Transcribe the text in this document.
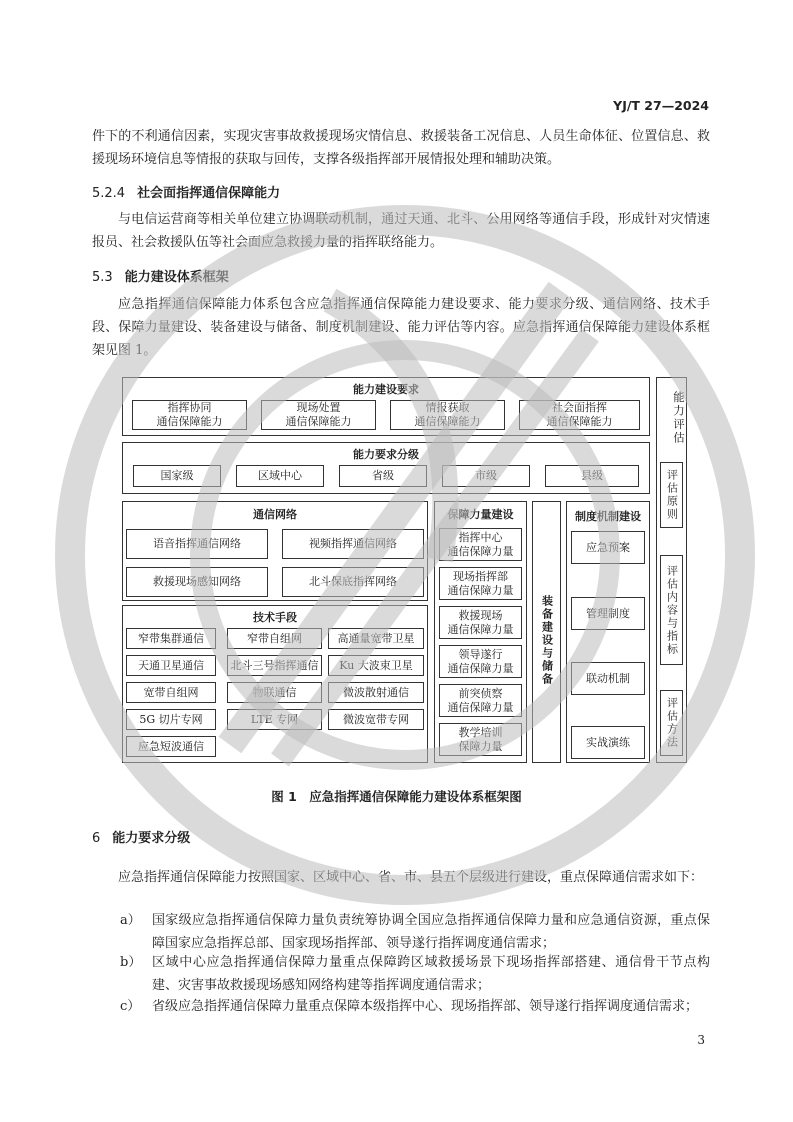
YJ/T 27—2024
件下的不利通信因素，实现灾害事故救援现场灾情信息、救援装备工况信息、人员生命体征、位置信息、救援现场环境信息等情报的获取与回传，支撑各级指挥部开展情报处理和辅助决策。
5.2.4 社会面指挥通信保障能力
与电信运营商等相关单位建立协调联动机制，通过天通、北斗、公用网络等通信手段，形成针对灾情速报员、社会救援队伍等社会面应急救援力量的指挥联络能力。
5.3 能力建设体系框架
应急指挥通信保障能力体系包含应急指挥通信保障能力建设要求、能力要求分级、通信网络、技术手段、保障力量建设、装备建设与储备、制度机制建设、能力评估等内容。应急指挥通信保障能力建设体系框架见图 1。
能力建设要求
指挥协同
通信保障能力
现场处置
通信保障能力
情报获取
通信保障能力
社会面指挥
通信保障能力
能力要求分级
国家级	区域中心	省级	市级	县级
通信网络
语音指挥通信网络	视频指挥通信网络
救援现场感知网络	北斗保底指挥网络
技术手段
窄带集群通信	窄带自组网	高通量宽带卫星
天通卫星通信	北斗三号指挥通信	Ku 大波束卫星
宽带自组网	物联通信	微波散射通信
5G 切片专网	LTE 专网	微波宽带专网
应急短波通信
保障力量建设
指挥中心
通信保障力量
现场指挥部
通信保障力量
救援现场
通信保障力量
领导遂行
通信保障力量
前突侦察
通信保障力量
教学培训
保障力量
装备建设与储备
制度机制建设
应急预案
管理制度
联动机制
实战演练
能力评估
评估原则
评估内容与指标
评估方法
图 1　应急指挥通信保障能力建设体系框架图
6 能力要求分级
应急指挥通信保障能力按照国家、区域中心、省、市、县五个层级进行建设，重点保障通信需求如下：
a） 国家级应急指挥通信保障力量负责统筹协调全国应急指挥通信保障力量和应急通信资源，重点保障国家应急指挥总部、国家现场指挥部、领导遂行指挥调度通信需求；
b） 区域中心应急指挥通信保障力量重点保障跨区域救援场景下现场指挥部搭建、通信骨干节点构建、灾害事故救援现场感知网络构建等指挥调度通信需求；
c） 省级应急指挥通信保障力量重点保障本级指挥中心、现场指挥部、领导遂行指挥调度通信需求；
3
